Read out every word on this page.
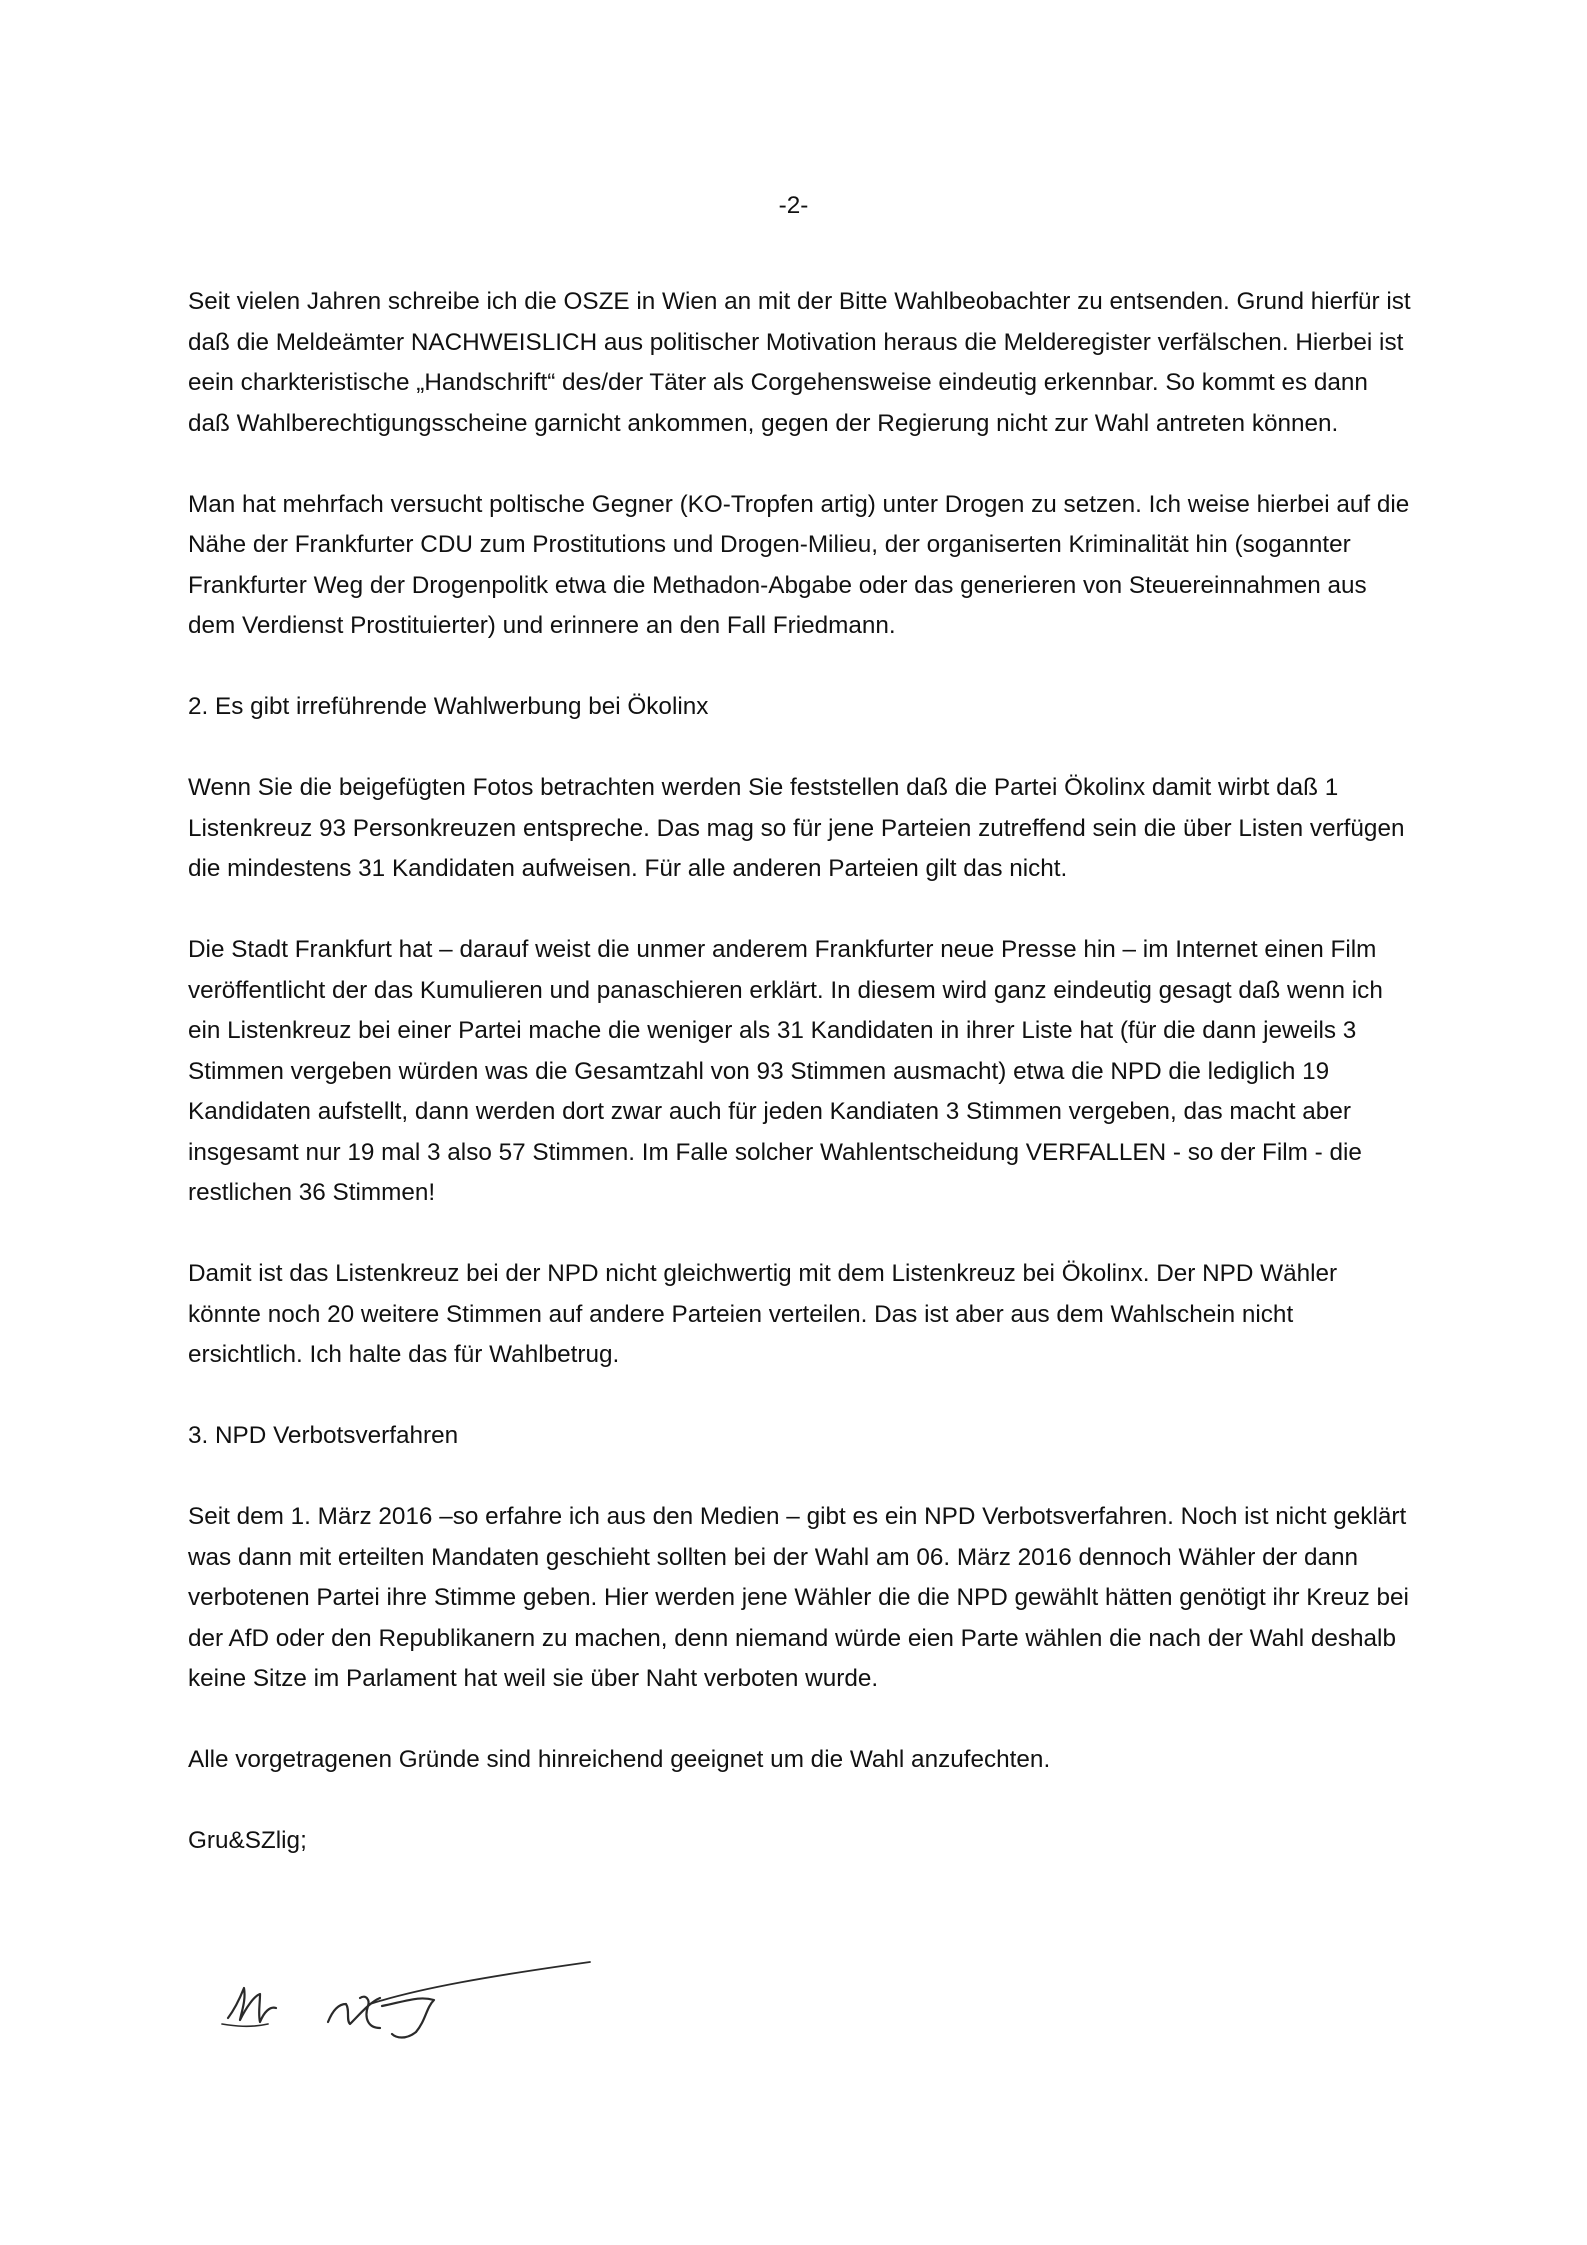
-2-

Seit vielen Jahren schreibe ich die OSZE in Wien an mit der Bitte Wahlbeobachter zu entsenden. Grund hierfür ist daß die Meldeämter NACHWEISLICH aus politischer Motivation heraus die Melderegister verfälschen. Hierbei ist eein charkteristische „Handschrift“ des/der Täter als Corgehensweise eindeutig erkennbar. So kommt es dann daß Wahlberechtigungsscheine garnicht ankommen, gegen der Regierung nicht zur Wahl antreten können.

Man hat mehrfach versucht poltische Gegner (KO-Tropfen artig) unter Drogen zu setzen. Ich weise hierbei auf die Nähe der Frankfurter CDU zum Prostitutions und Drogen-Milieu, der organiserten Kriminalität hin (sogannter Frankfurter Weg der Drogenpolitk etwa die Methadon-Abgabe oder das generieren von Steuereinnahmen aus dem Verdienst Prostituierter) und erinnere an den Fall Friedmann.

2. Es gibt irreführende Wahlwerbung bei Ökolinx

Wenn Sie die beigefügten Fotos betrachten werden Sie feststellen daß die Partei Ökolinx damit wirbt daß 1 Listenkreuz 93 Personkreuzen entspreche. Das mag so für jene Parteien zutreffend sein die über Listen verfügen die mindestens 31 Kandidaten aufweisen. Für alle anderen Parteien gilt das nicht.

Die Stadt Frankfurt hat – darauf weist die unmer anderem Frankfurter neue Presse hin – im Internet einen Film veröffentlicht der das Kumulieren und panaschieren erklärt. In diesem wird ganz eindeutig gesagt daß wenn ich ein Listenkreuz bei einer Partei mache die weniger als 31 Kandidaten in ihrer Liste hat (für die dann jeweils 3 Stimmen vergeben würden was die Gesamtzahl von 93 Stimmen ausmacht) etwa die NPD die lediglich 19 Kandidaten aufstellt, dann werden dort zwar auch für jeden Kandiaten 3 Stimmen vergeben, das macht aber insgesamt nur 19 mal 3 also 57 Stimmen. Im Falle solcher Wahlentscheidung VERFALLEN - so der Film - die restlichen 36 Stimmen!

Damit ist das Listenkreuz bei der NPD nicht gleichwertig mit dem Listenkreuz bei Ökolinx. Der NPD Wähler könnte noch 20 weitere Stimmen auf andere Parteien verteilen. Das ist aber aus dem Wahlschein nicht ersichtlich. Ich halte das für Wahlbetrug.

3. NPD Verbotsverfahren

Seit dem 1. März 2016 –so erfahre ich aus den Medien – gibt es ein NPD Verbotsverfahren. Noch ist nicht geklärt was dann mit erteilten Mandaten geschieht sollten bei der Wahl am 06. März 2016 dennoch Wähler der dann verbotenen Partei ihre Stimme geben. Hier werden jene Wähler die die NPD gewählt hätten genötigt ihr Kreuz bei der AfD oder den Republikanern zu machen, denn niemand würde eien Parte wählen die nach der Wahl deshalb keine Sitze im Parlament hat weil sie über Naht verboten wurde.

Alle vorgetragenen Gründe sind hinreichend geeignet um die Wahl anzufechten.

Gru&SZlig;
